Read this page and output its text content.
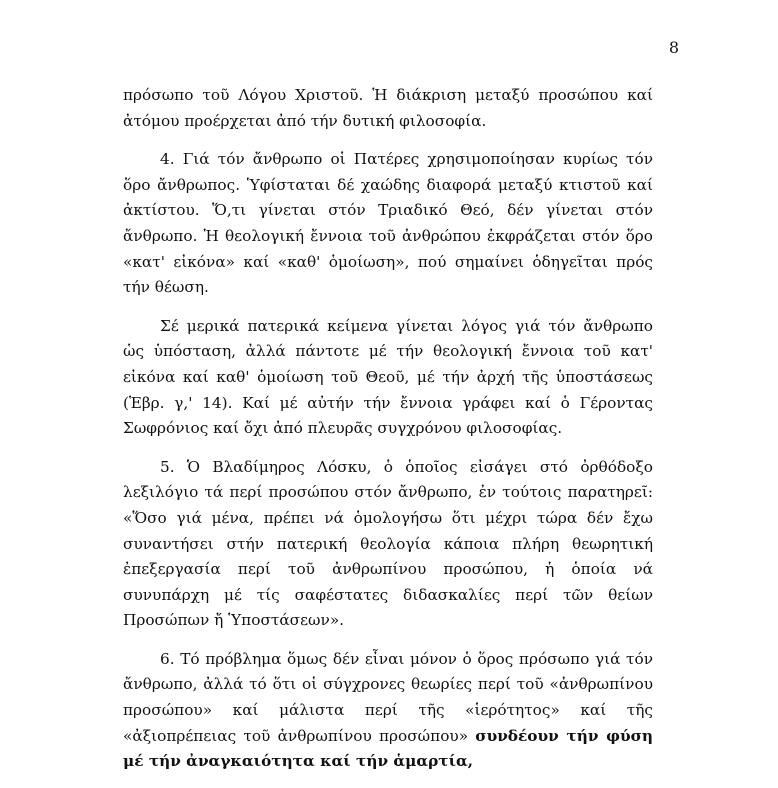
8

πρόσωπο τοῦ Λόγου Χριστοῦ. Ἡ διάκριση μεταξύ προσώπου καί ἀτόμου προέρχεται ἀπό τήν δυτική φιλοσοφία.

4. Γιά τόν ἄνθρωπο οἱ Πατέρες χρησιμοποίησαν κυρίως τόν ὅρο ἄνθρωπος. Ὑφίσταται δέ χαώδης διαφορά μεταξύ κτιστοῦ καί ἀκτίστου. Ὅ,τι γίνεται στόν Τριαδικό Θεό, δέν γίνεται στόν ἄνθρωπο. Ἡ θεολογική ἔννοια τοῦ ἀνθρώπου ἐκφράζεται στόν ὅρο «κατ' εἰκόνα» καί «καθ' ὁμοίωση», πού σημαίνει ὁδηγεῖται πρός τήν θέωση.

Σέ μερικά πατερικά κείμενα γίνεται λόγος γιά τόν ἄνθρωπο ὡς ὑπόσταση, ἀλλά πάντοτε μέ τήν θεολογική ἔννοια τοῦ κατ' εἰκόνα καί καθ' ὁμοίωση τοῦ Θεοῦ, μέ τήν ἀρχή τῆς ὑποστάσεως (Ἑβρ. γ,' 14). Καί μέ αὐτήν τήν ἔννοια γράφει καί ὁ Γέροντας Σωφρόνιος καί ὄχι ἀπό πλευρᾶς συγχρόνου φιλοσοφίας.

5. Ὁ Βλαδίμηρος Λόσκυ, ὁ ὁποῖος εἰσάγει στό ὀρθόδοξο λεξιλόγιο τά περί προσώπου στόν ἄνθρωπο, ἐν τούτοις παρατηρεῖ: «Ὅσο γιά μένα, πρέπει νά ὁμολογήσω ὅτι μέχρι τώρα δέν ἔχω συναντήσει στήν πατερική θεολογία κάποια πλήρη θεωρητική ἐπεξεργασία περί τοῦ ἀνθρωπίνου προσώπου, ἡ ὁποία νά συνυπάρχη μέ τίς σαφέστατες διδασκαλίες περί τῶν θείων Προσώπων ἤ Ὑποστάσεων».

6. Τό πρόβλημα ὅμως δέν εἶναι μόνον ὁ ὅρος πρόσωπο γιά τόν ἄνθρωπο, ἀλλά τό ὅτι οἱ σύγχρονες θεωρίες περί τοῦ «ἀνθρωπίνου προσώπου» καί μάλιστα περί τῆς «ἱερότητος» καί τῆς «ἀξιοπρέπειας τοῦ ἀνθρωπίνου προσώπου» συνδέουν τήν φύση μέ τήν ἀναγκαιότητα καί τήν ἁμαρτία,
